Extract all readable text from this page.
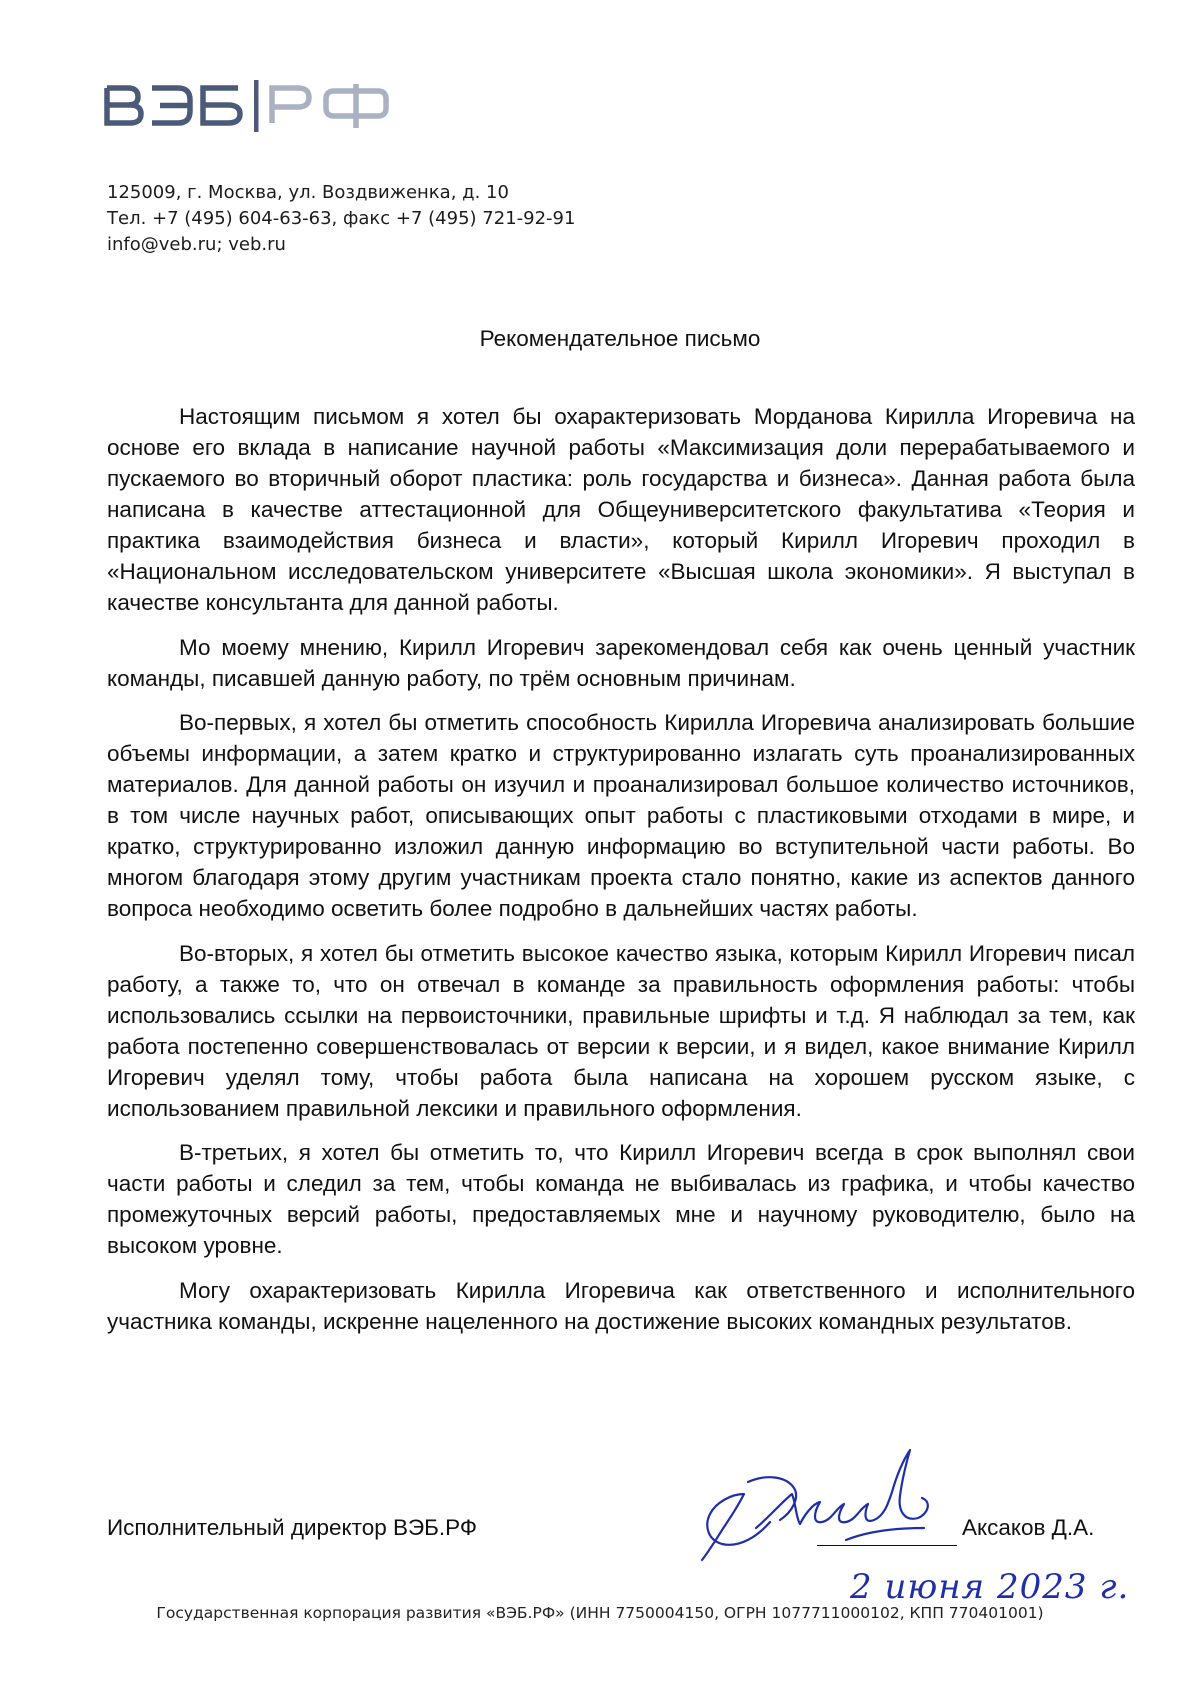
125009, г. Москва, ул. Воздвиженка, д. 10
Тел. +7 (495) 604-63-63, факс +7 (495) 721-92-91
info@veb.ru; veb.ru
Рекомендательное письмо

Настоящим письмом я хотел бы охарактеризовать Морданова Кирилла Игоревича на основе его вклада в написание научной работы «Максимизация доли перерабатываемого и пускаемого во вторичный оборот пластика: роль государства и бизнеса». Данная работа была написана в качестве аттестационной для Общеуниверситетского факультатива «Теория и практика взаимодействия бизнеса и власти», который Кирилл Игоревич проходил в «Национальном исследовательском университете «Высшая школа экономики». Я выступал в качестве консультанта для данной работы.

Мо моему мнению, Кирилл Игоревич зарекомендовал себя как очень ценный участник команды, писавшей данную работу, по трём основным причинам.

Во-первых, я хотел бы отметить способность Кирилла Игоревича анализировать большие объемы информации, а затем кратко и структурированно излагать суть проанализированных материалов. Для данной работы он изучил и проанализировал большое количество источников, в том числе научных работ, описывающих опыт работы с пластиковыми отходами в мире, и кратко, структурированно изложил данную информацию во вступительной части работы. Во многом благодаря этому другим участникам проекта стало понятно, какие из аспектов данного вопроса необходимо осветить более подробно в дальнейших частях работы.

Во-вторых, я хотел бы отметить высокое качество языка, которым Кирилл Игоревич писал работу, а также то, что он отвечал в команде за правильность оформления работы: чтобы использовались ссылки на первоисточники, правильные шрифты и т.д. Я наблюдал за тем, как работа постепенно совершенствовалась от версии к версии, и я видел, какое внимание Кирилл Игоревич уделял тому, чтобы работа была написана на хорошем русском языке, с использованием правильной лексики и правильного оформления.

В-третьих, я хотел бы отметить то, что Кирилл Игоревич всегда в срок выполнял свои части работы и следил за тем, чтобы команда не выбивалась из графика, и чтобы качество промежуточных версий работы, предоставляемых мне и научному руководителю, было на высоком уровне.

Могу охарактеризовать Кирилла Игоревича как ответственного и исполнительного участника команды, искренне нацеленного на достижение высоких командных результатов.

Исполнительный директор ВЭБ.РФ	Аксаков Д.А.
2 июня 2023 г.
Государственная корпорация развития «ВЭБ.РФ» (ИНН 7750004150, ОГРН 1077711000102, КПП 770401001)
